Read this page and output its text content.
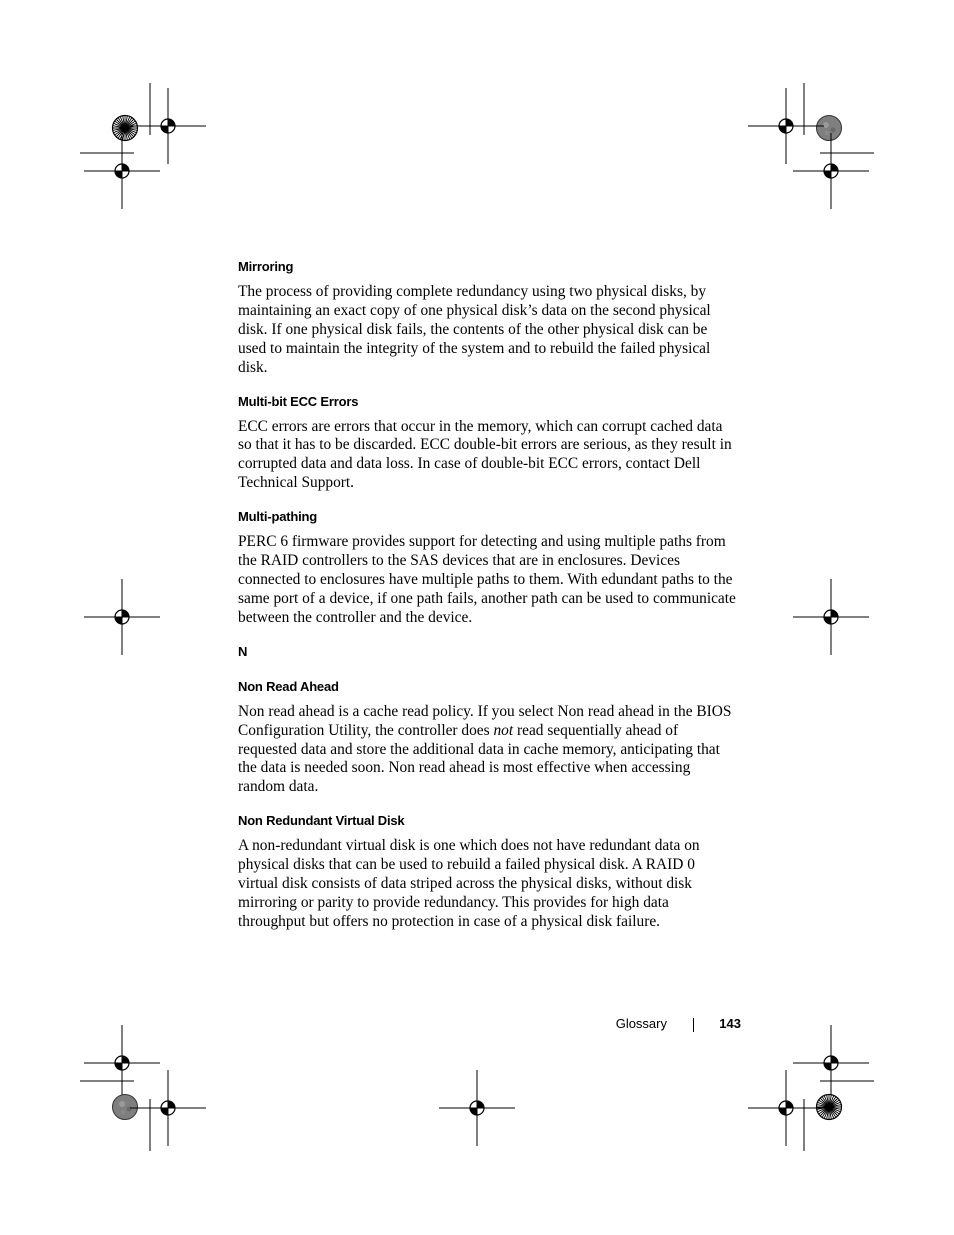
Mirroring

The process of providing complete redundancy using two physical disks, by maintaining an exact copy of one physical disk’s data on the second physical disk. If one physical disk fails, the contents of the other physical disk can be used to maintain the integrity of the system and to rebuild the failed physical disk.

Multi-bit ECC Errors

ECC errors are errors that occur in the memory, which can corrupt cached data so that it has to be discarded. ECC double-bit errors are serious, as they result in corrupted data and data loss. In case of double-bit ECC errors, contact Dell Technical Support.

Multi-pathing

PERC 6 firmware provides support for detecting and using multiple paths from the RAID controllers to the SAS devices that are in enclosures. Devices connected to enclosures have multiple paths to them. With edundant paths to the same port of a device, if one path fails, another path can be used to communicate between the controller and the device.

N
Non Read Ahead

Non read ahead is a cache read policy. If you select Non read ahead in the BIOS Configuration Utility, the controller does not read sequentially ahead of requested data and store the additional data in cache memory, anticipating that the data is needed soon. Non read ahead is most effective when accessing random data.

Non Redundant Virtual Disk

A non-redundant virtual disk is one which does not have redundant data on physical disks that can be used to rebuild a failed physical disk. A RAID 0 virtual disk consists of data striped across the physical disks, without disk mirroring or parity to provide redundancy. This provides for high data throughput but offers no protection in case of a physical disk failure.

Glossary	143
